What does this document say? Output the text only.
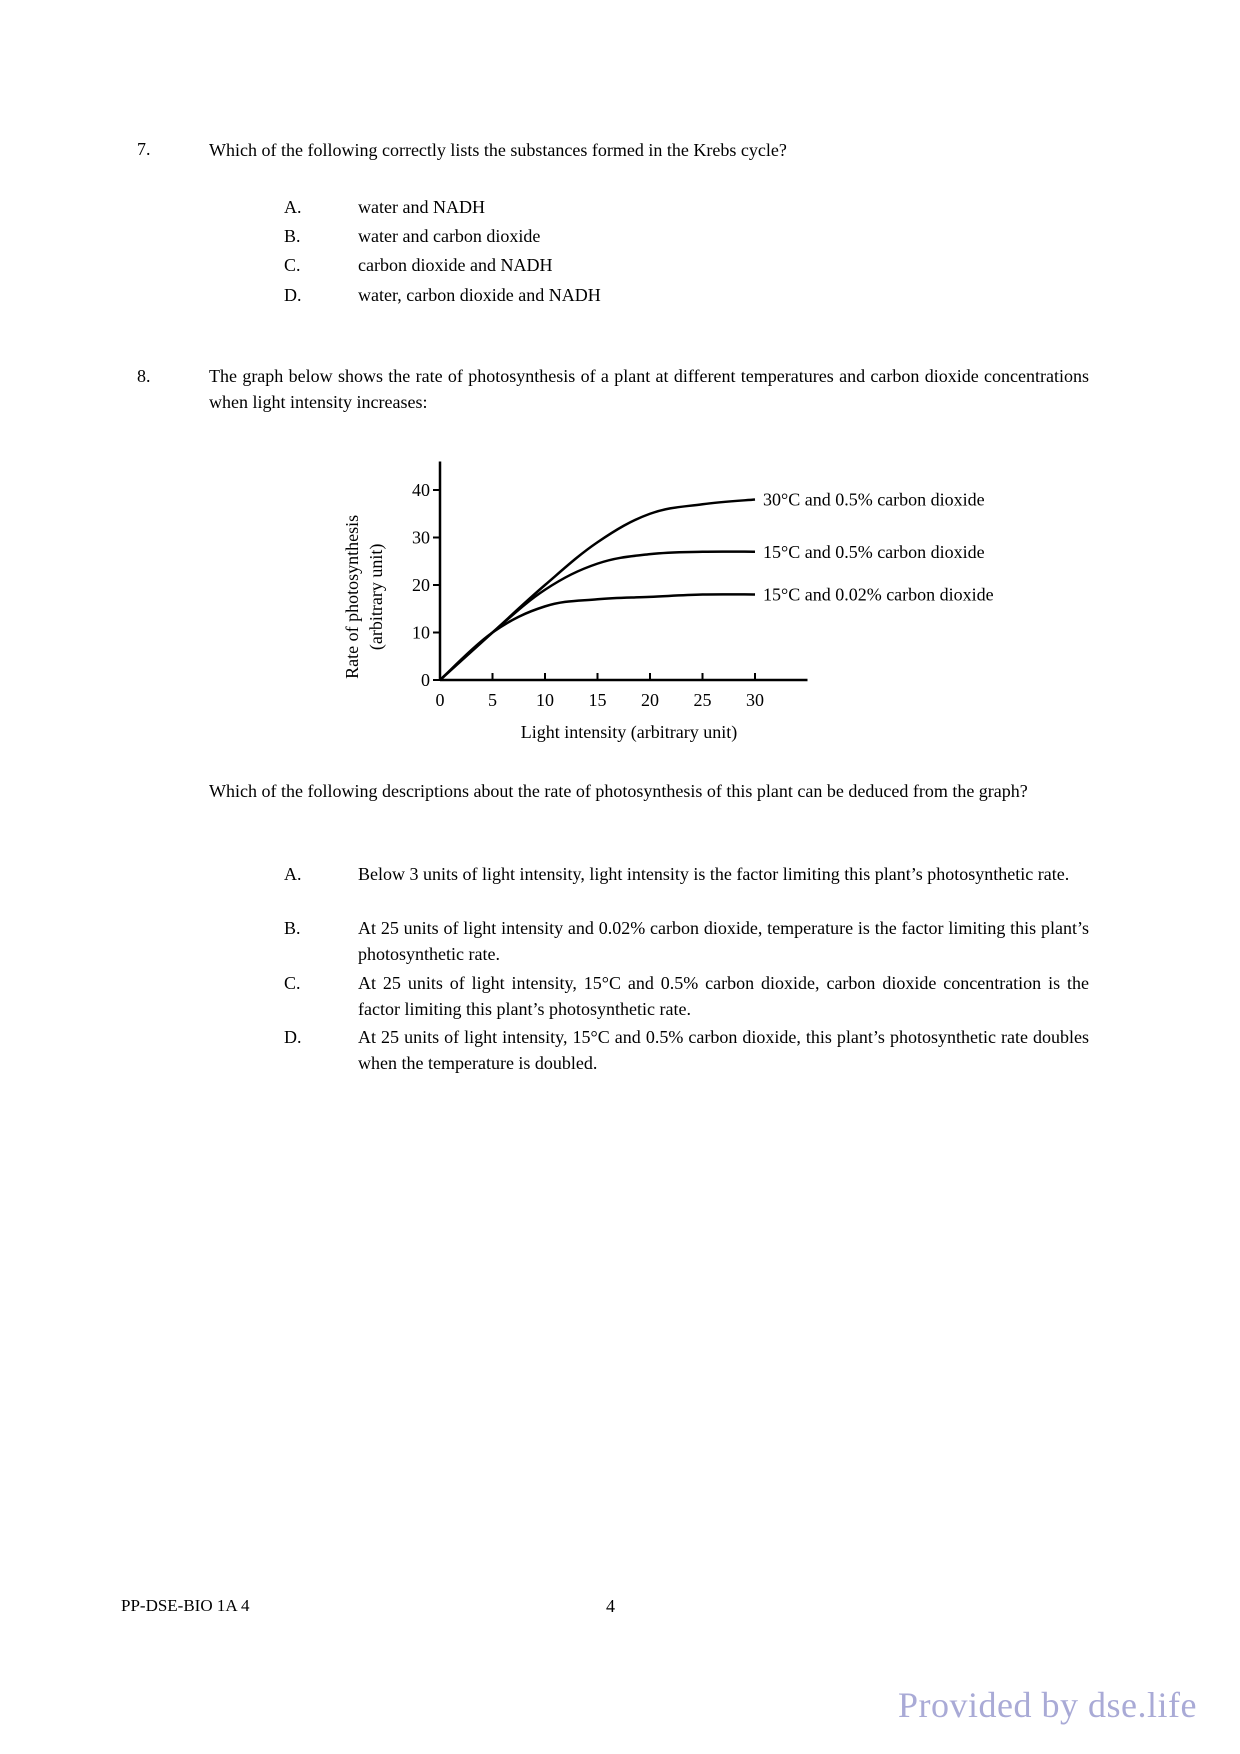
7.	Which of the following correctly lists the substances formed in the Krebs cycle?
A.	water and NADH
B.	water and carbon dioxide
C.	carbon dioxide and NADH
D.	water, carbon dioxide and NADH
8.	The graph below shows the rate of photosynthesis of a plant at different temperatures and carbon dioxide concentrations when light intensity increases:
0 5 10 15 20 25 30
0
10
20
30
40
Light intensity (arbitrary unit)
Rate of photosynthesis (arbitrary unit)
30°C and 0.5% carbon dioxide
15°C and 0.5% carbon dioxide
15°C and 0.02% carbon dioxide
Which of the following descriptions about the rate of photosynthesis of this plant can be deduced from the graph?
A.	Below 3 units of light intensity, light intensity is the factor limiting this plant’s photosynthetic rate.
B.	At 25 units of light intensity and 0.02% carbon dioxide, temperature is the factor limiting this plant’s photosynthetic rate.
C.	At 25 units of light intensity, 15°C and 0.5% carbon dioxide, carbon dioxide concentration is the factor limiting this plant’s photosynthetic rate.
D.	At 25 units of light intensity, 15°C and 0.5% carbon dioxide, this plant’s photosynthetic rate doubles when the temperature is doubled.
PP-DSE-BIO 1A 4	4
Provided by dse.life
